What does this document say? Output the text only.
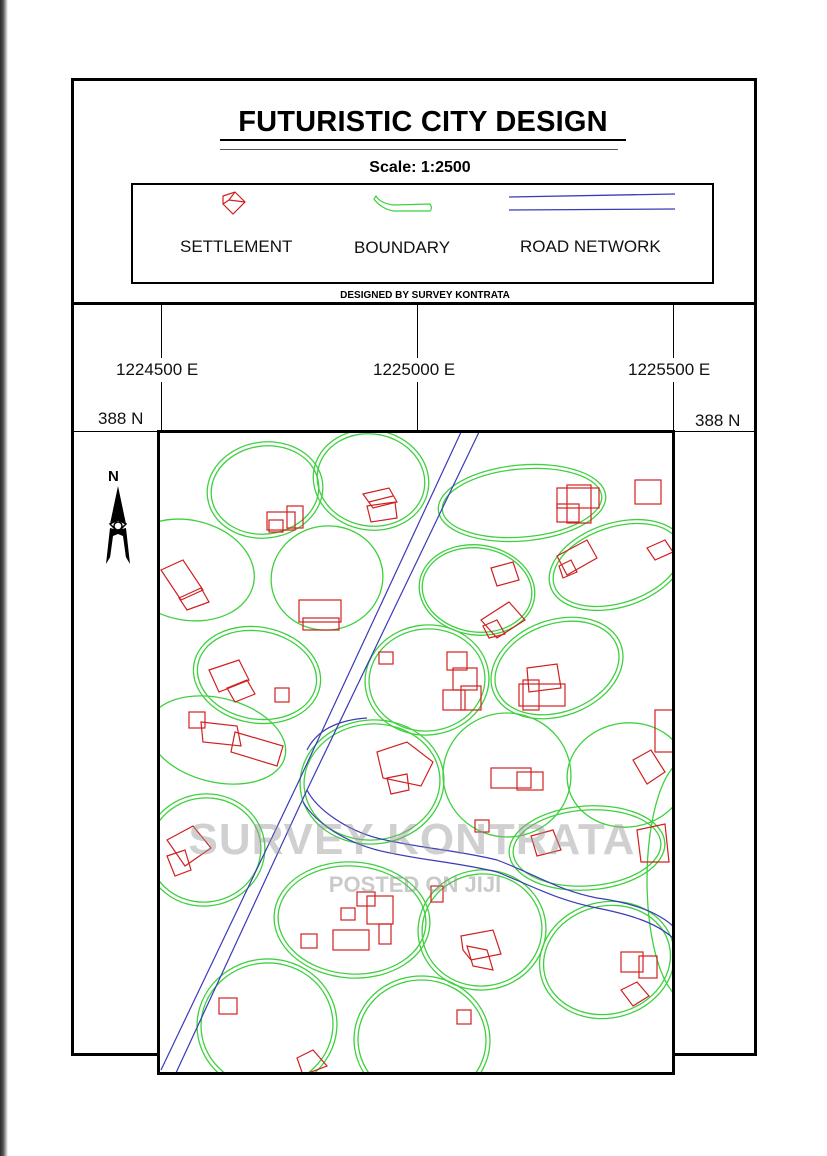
FUTURISTIC CITY DESIGN
Scale: 1:2500
SETTLEMENT	BOUNDARY	ROAD NETWORK
DESIGNED BY SURVEY KONTRATA
1224500 E	1225000 E	1225500 E
388 N	388 N
N
SURVEY KONTRATA
POSTED ON JIJI
